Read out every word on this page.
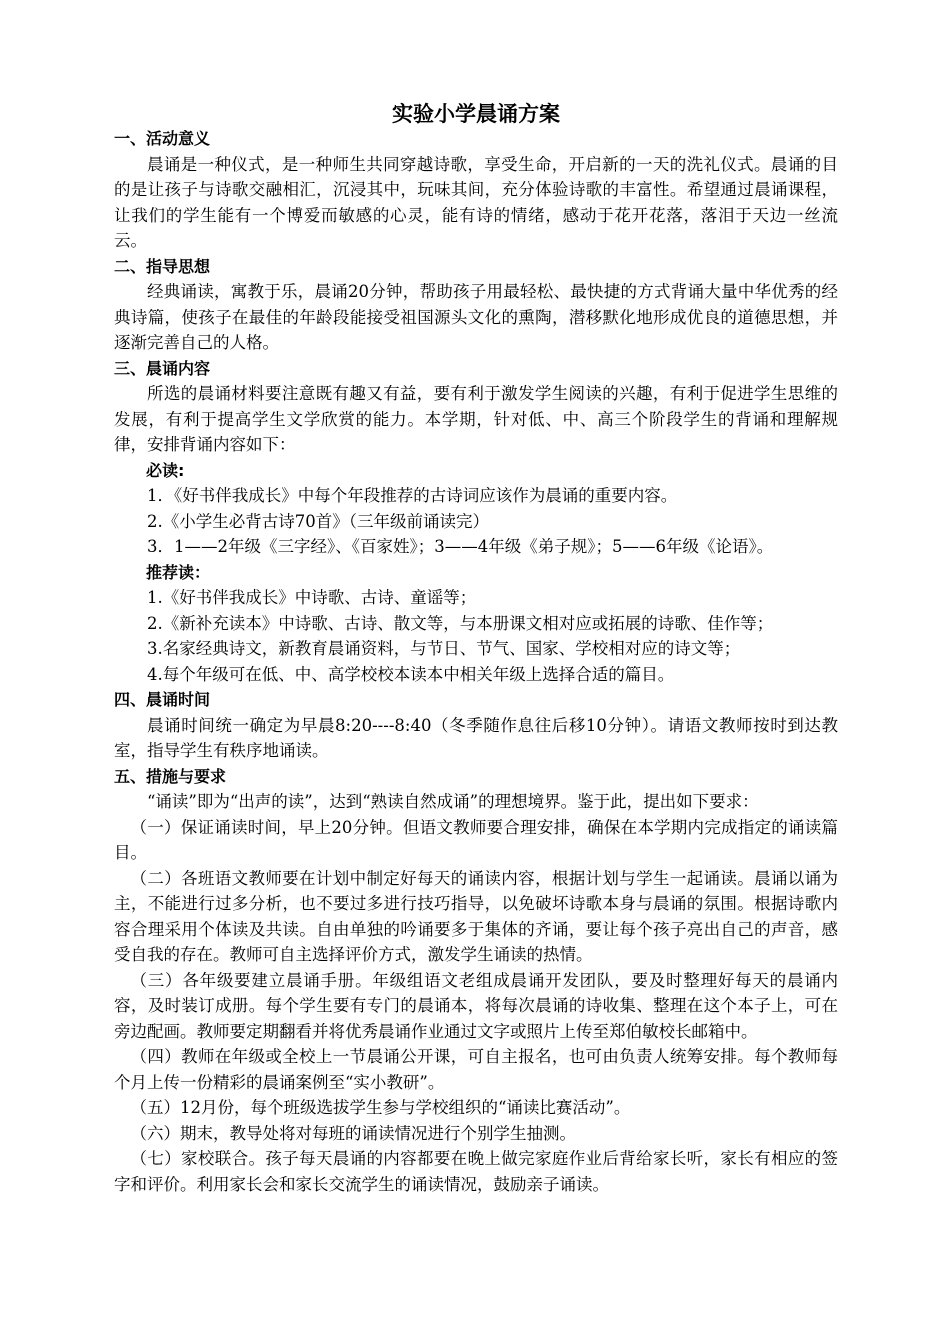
实验小学晨诵方案

一、活动意义

晨诵是一种仪式，是一种师生共同穿越诗歌，享受生命，开启新的一天的洗礼仪式。晨诵的目的是让孩子与诗歌交融相汇，沉浸其中，玩味其间，充分体验诗歌的丰富性。希望通过晨诵课程，让我们的学生能有一个博爱而敏感的心灵，能有诗的情绪，感动于花开花落，落泪于天边一丝流云。

二、指导思想

经典诵读，寓教于乐，晨诵20分钟，帮助孩子用最轻松、最快捷的方式背诵大量中华优秀的经典诗篇，使孩子在最佳的年龄段能接受祖国源头文化的熏陶，潜移默化地形成优良的道德思想，并逐渐完善自己的人格。

三、晨诵内容

所选的晨诵材料要注意既有趣又有益，要有利于激发学生阅读的兴趣，有利于促进学生思维的发展，有利于提高学生文学欣赏的能力。本学期，针对低、中、高三个阶段学生的背诵和理解规律，安排背诵内容如下：

必读:

1．《好书伴我成长》中每个年段推荐的古诗词应该作为晨诵的重要内容。

2.《小学生必背古诗70首》（三年级前诵读完）

3．1——2年级《三字经》、《百家姓》；3——4年级《弟子规》；5——6年级《论语》。

推荐读：

1.《好书伴我成长》中诗歌、古诗、童谣等；

2.《新补充读本》中诗歌、古诗、散文等，与本册课文相对应或拓展的诗歌、佳作等；

3.名家经典诗文，新教育晨诵资料，与节日、节气、国家、学校相对应的诗文等；

4.每个年级可在低、中、高学校校本读本中相关年级上选择合适的篇目。

四、晨诵时间

晨诵时间统一确定为早晨8:20----8:40（冬季随作息往后移10分钟）。请语文教师按时到达教室，指导学生有秩序地诵读。

五、措施与要求

“诵读”即为“出声的读”，达到“熟读自然成诵”的理想境界。鉴于此，提出如下要求：

（一）保证诵读时间，早上20分钟。但语文教师要合理安排，确保在本学期内完成指定的诵读篇目。

（二）各班语文教师要在计划中制定好每天的诵读内容，根据计划与学生一起诵读。晨诵以诵为主，不能进行过多分析，也不要过多进行技巧指导，以免破坏诗歌本身与晨诵的氛围。根据诗歌内容合理采用个体读及共读。自由单独的吟诵要多于集体的齐诵，要让每个孩子亮出自己的声音，感受自我的存在。教师可自主选择评价方式，激发学生诵读的热情。

（三）各年级要建立晨诵手册。年级组语文老组成晨诵开发团队，要及时整理好每天的晨诵内容，及时装订成册。每个学生要有专门的晨诵本，将每次晨诵的诗收集、整理在这个本子上，可在旁边配画。教师要定期翻看并将优秀晨诵作业通过文字或照片上传至郑伯敏校长邮箱中。

（四）教师在年级或全校上一节晨诵公开课，可自主报名，也可由负责人统筹安排。每个教师每个月上传一份精彩的晨诵案例至“实小教研”。

（五）12月份，每个班级选拔学生参与学校组织的“诵读比赛活动”。

（六）期末，教导处将对每班的诵读情况进行个别学生抽测。

（七）家校联合。孩子每天晨诵的内容都要在晚上做完家庭作业后背给家长听，家长有相应的签字和评价。利用家长会和家长交流学生的诵读情况，鼓励亲子诵读。
